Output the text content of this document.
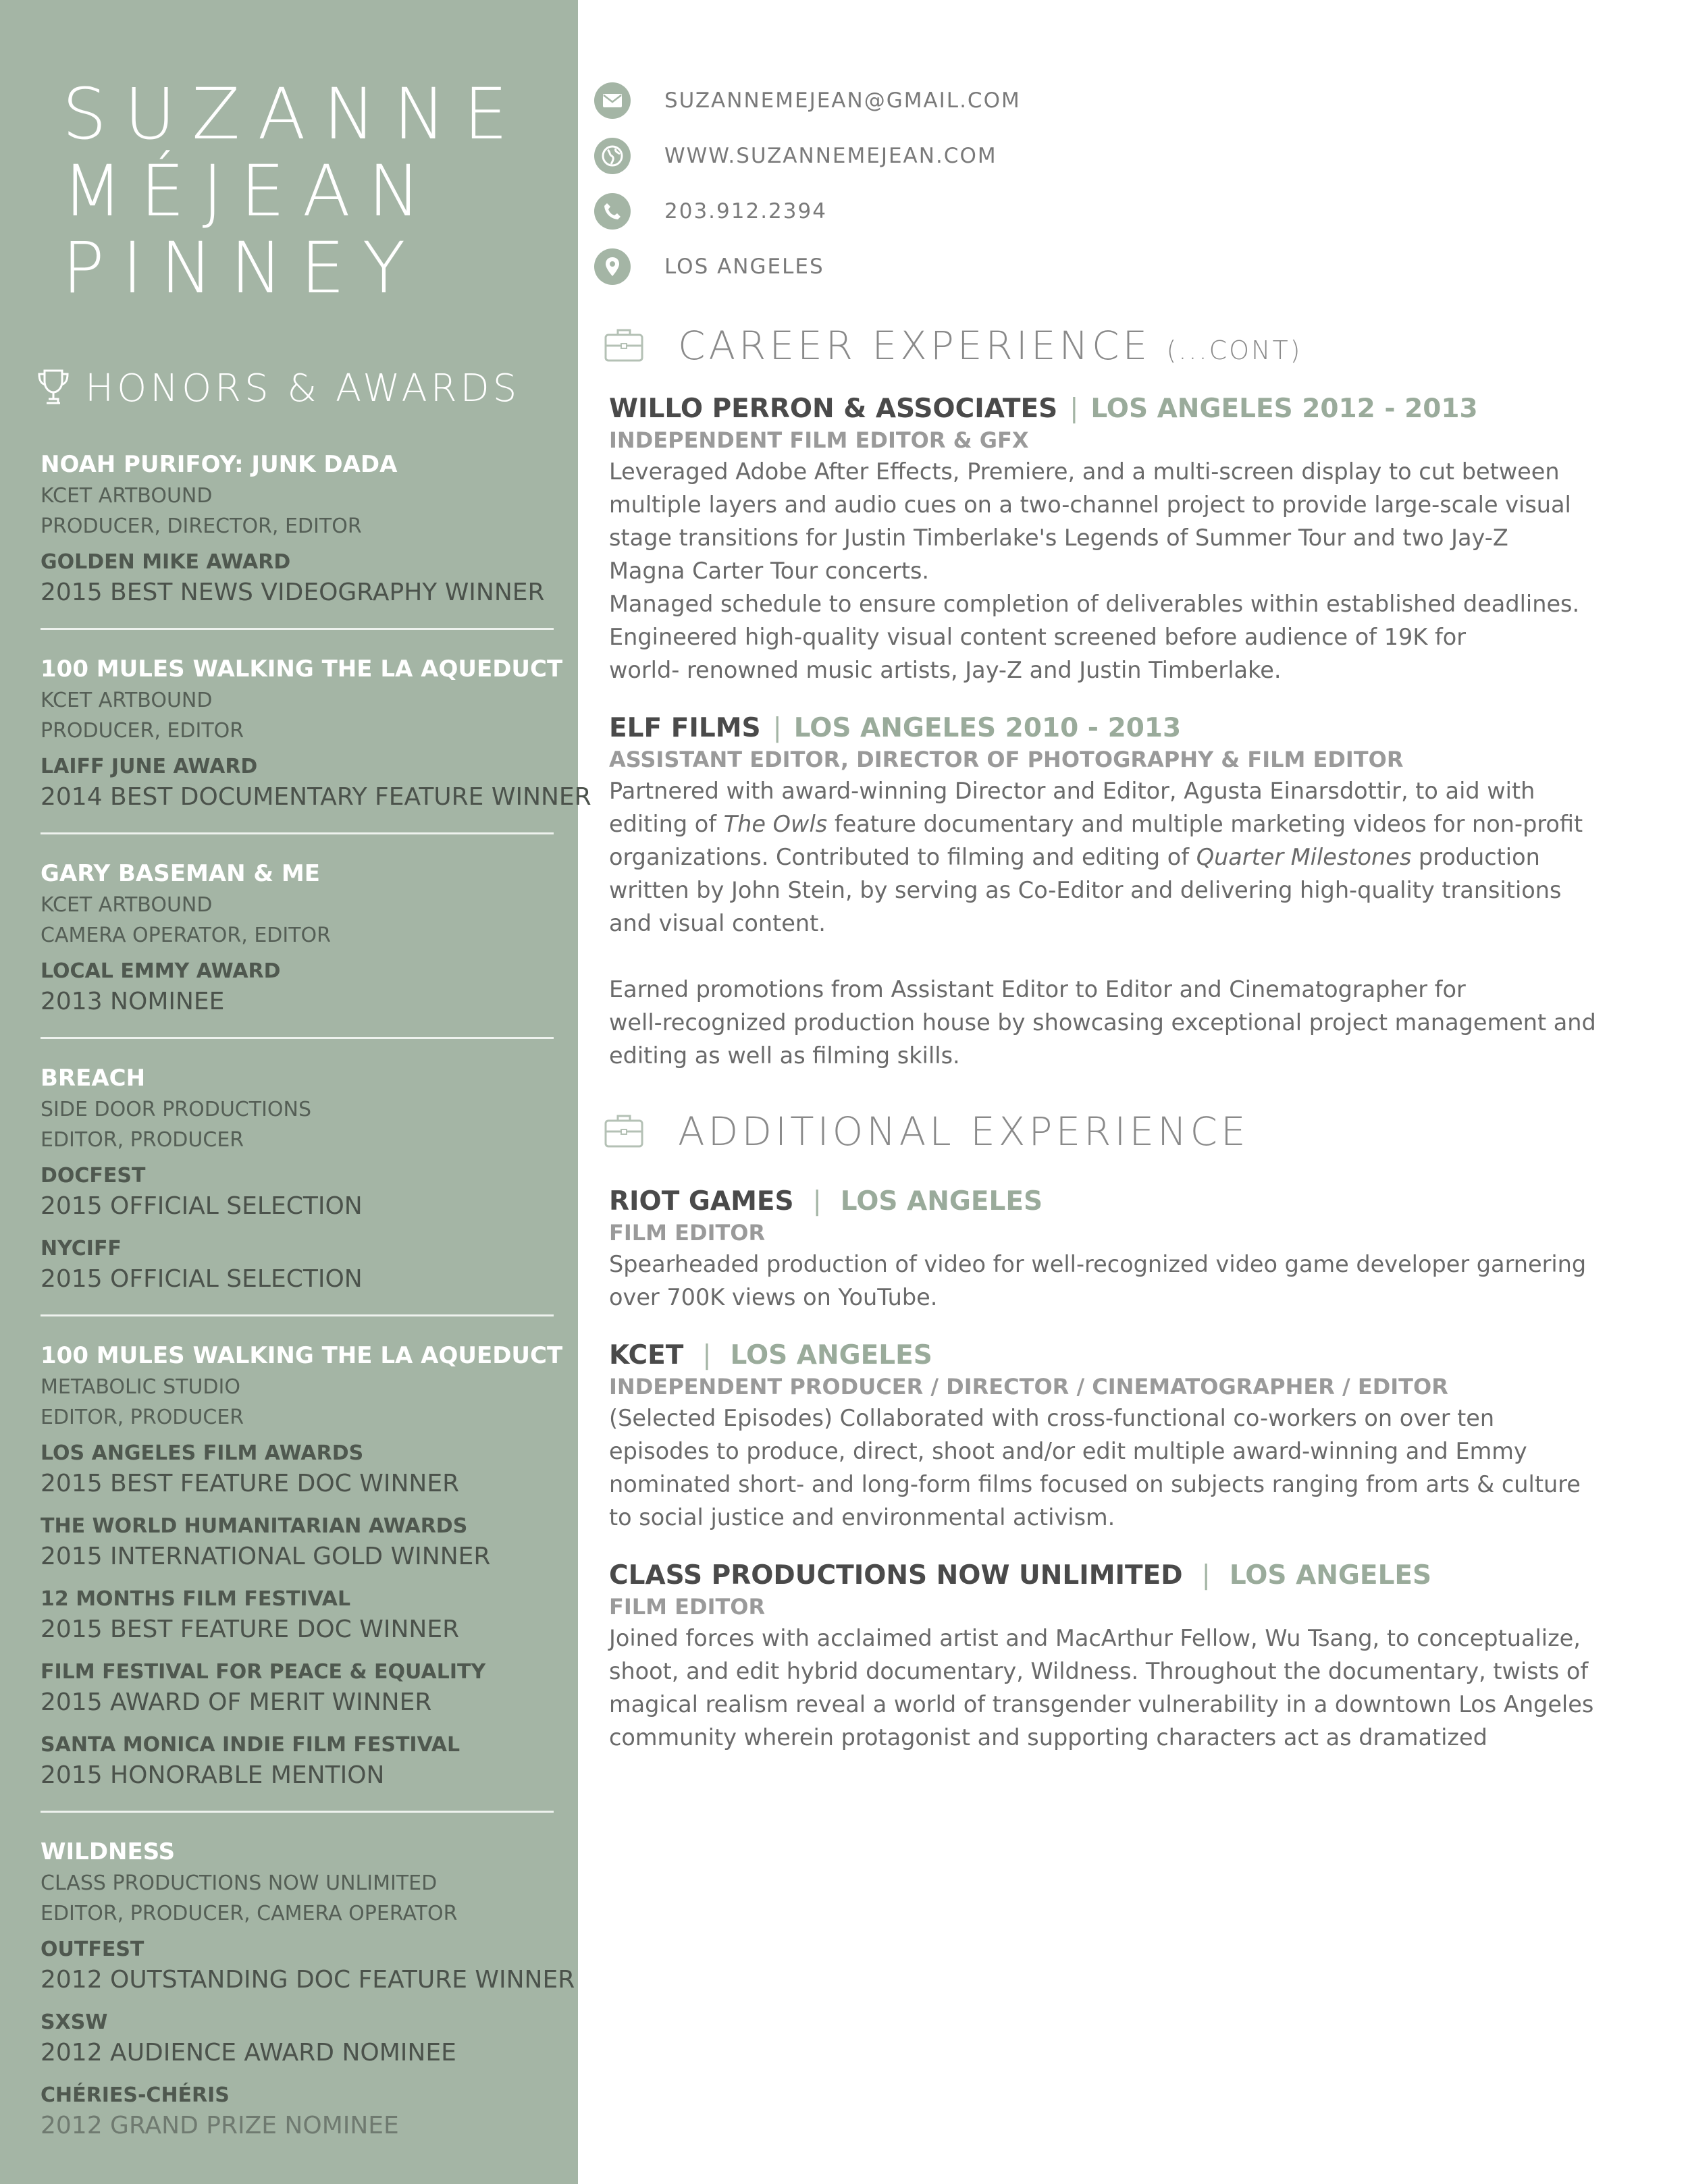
SUZANNE
MÉJEAN
PINNEY
HONORS & AWARDS
NOAH PURIFOY: JUNK DADA
KCET ARTBOUND
PRODUCER, DIRECTOR, EDITOR
GOLDEN MIKE AWARD
2015 BEST NEWS VIDEOGRAPHY WINNER
100 MULES WALKING THE LA AQUEDUCT
KCET ARTBOUND
PRODUCER, EDITOR
LAIFF JUNE AWARD
2014 BEST DOCUMENTARY FEATURE WINNER
GARY BASEMAN & ME
KCET ARTBOUND
CAMERA OPERATOR, EDITOR
LOCAL EMMY AWARD
2013 NOMINEE
BREACH
SIDE DOOR PRODUCTIONS
EDITOR, PRODUCER
DOCFEST
2015 OFFICIAL SELECTION
NYCIFF
2015 OFFICIAL SELECTION
100 MULES WALKING THE LA AQUEDUCT
METABOLIC STUDIO
EDITOR, PRODUCER
LOS ANGELES FILM AWARDS
2015 BEST FEATURE DOC WINNER
THE WORLD HUMANITARIAN AWARDS
2015 INTERNATIONAL GOLD WINNER
12 MONTHS FILM FESTIVAL
2015 BEST FEATURE DOC WINNER
FILM FESTIVAL FOR PEACE & EQUALITY
2015 AWARD OF MERIT WINNER
SANTA MONICA INDIE FILM FESTIVAL
2015 HONORABLE MENTION
WILDNESS
CLASS PRODUCTIONS NOW UNLIMITED
EDITOR, PRODUCER, CAMERA OPERATOR
OUTFEST
2012 OUTSTANDING DOC FEATURE WINNER
SXSW
2012 AUDIENCE AWARD NOMINEE
CHÉRIES-CHÉRIS
2012 GRAND PRIZE NOMINEE
SUZANNEMEJEAN@GMAIL.COM
WWW.SUZANNEMEJEAN.COM
203.912.2394
LOS ANGELES
CAREER EXPERIENCE (...CONT)
WILLO PERRON & ASSOCIATES | LOS ANGELES 2012 - 2013
INDEPENDENT FILM EDITOR & GFX
Leveraged Adobe After Effects, Premiere, and a multi-screen display to cut between
multiple layers and audio cues on a two-channel project to provide large-scale visual
stage transitions for Justin Timberlake's Legends of Summer Tour and two Jay-Z
Magna Carter Tour concerts.
Managed schedule to ensure completion of deliverables within established deadlines.
Engineered high-quality visual content screened before audience of 19K for
world- renowned music artists, Jay-Z and Justin Timberlake.
ELF FILMS | LOS ANGELES 2010 - 2013
ASSISTANT EDITOR, DIRECTOR OF PHOTOGRAPHY & FILM EDITOR
Partnered with award-winning Director and Editor, Agusta Einarsdottir, to aid with
editing of The Owls feature documentary and multiple marketing videos for non-profit
organizations. Contributed to filming and editing of Quarter Milestones production
written by John Stein, by serving as Co-Editor and delivering high-quality transitions
and visual content.
Earned promotions from Assistant Editor to Editor and Cinematographer for
well-recognized production house by showcasing exceptional project management and
editing as well as filming skills.
ADDITIONAL EXPERIENCE
RIOT GAMES | LOS ANGELES
FILM EDITOR
Spearheaded production of video for well-recognized video game developer garnering
over 700K views on YouTube.
KCET | LOS ANGELES
INDEPENDENT PRODUCER / DIRECTOR / CINEMATOGRAPHER / EDITOR
(Selected Episodes) Collaborated with cross-functional co-workers on over ten
episodes to produce, direct, shoot and/or edit multiple award-winning and Emmy
nominated short- and long-form films focused on subjects ranging from arts & culture
to social justice and environmental activism.
CLASS PRODUCTIONS NOW UNLIMITED | LOS ANGELES
FILM EDITOR
Joined forces with acclaimed artist and MacArthur Fellow, Wu Tsang, to conceptualize,
shoot, and edit hybrid documentary, Wildness. Throughout the documentary, twists of
magical realism reveal a world of transgender vulnerability in a downtown Los Angeles
community wherein protagonist and supporting characters act as dramatized
